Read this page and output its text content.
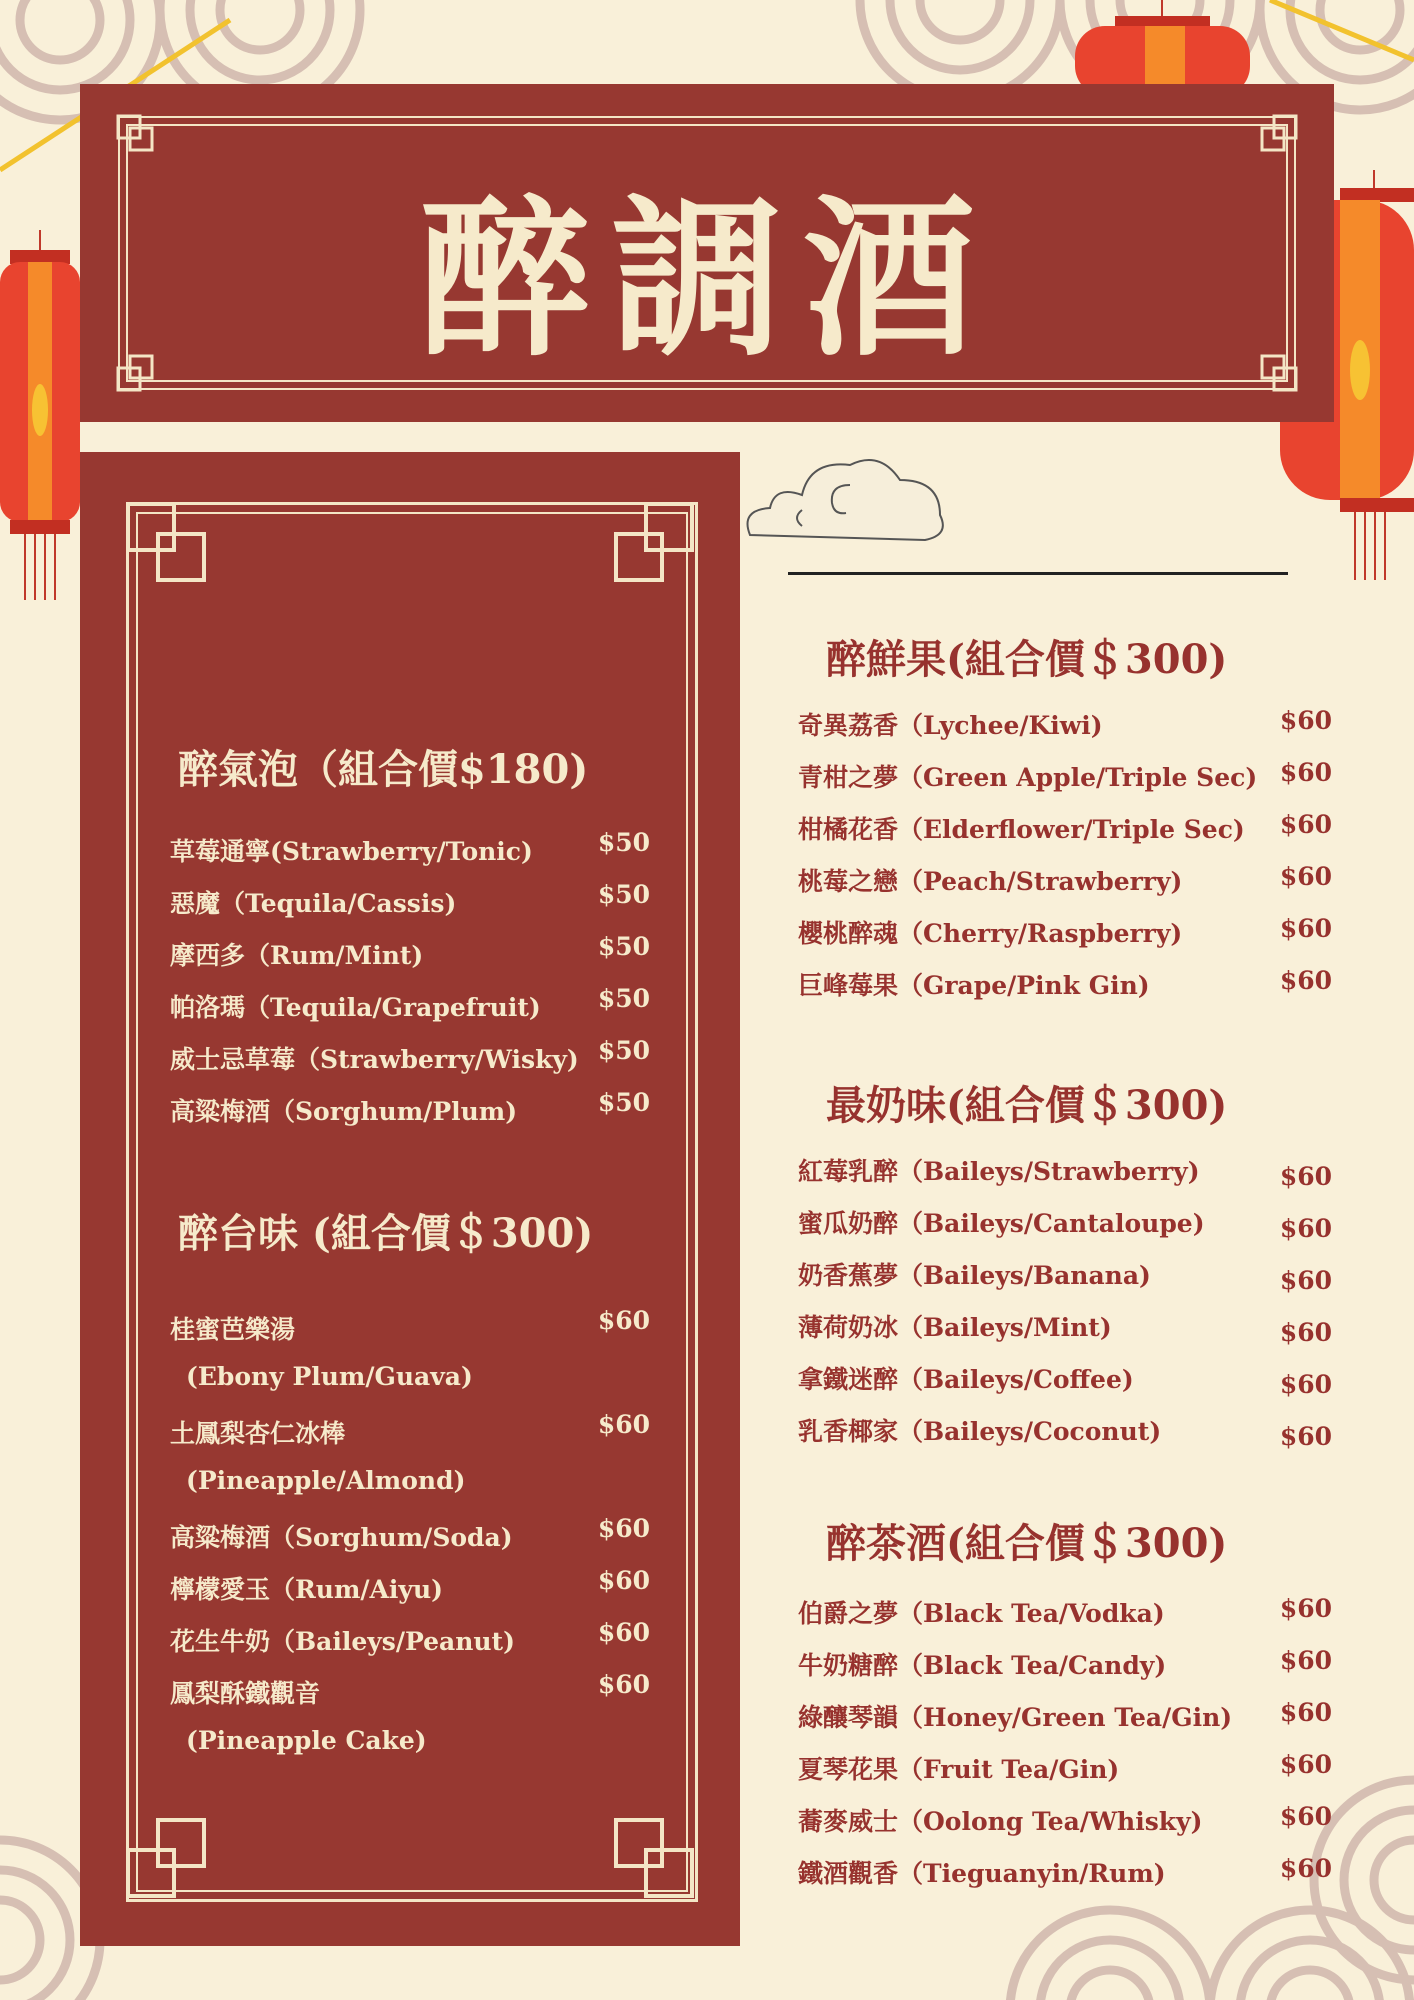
醉調酒
醉氣泡（組合價$180)
草莓通寧(Strawberry/Tonic)	$50
惡魔（Tequila/Cassis)	$50
摩西多（Rum/Mint)	$50
帕洛瑪（Tequila/Grapefruit) $50
威士忌草莓（Strawberry/Wisky) $50
高粱梅酒（Sorghum/Plum)	$50
醉台味 (組合價＄300)
桂蜜芭樂湯	$60
(Ebony Plum/Guava)
土鳳梨杏仁冰棒	$60
(Pineapple/Almond)
高粱梅酒（Sorghum/Soda)	$60
檸檬愛玉（Rum/Aiyu)	$60
花生牛奶（Baileys/Peanut)	$60
鳳梨酥鐵觀音	$60
(Pineapple Cake)
醉鮮果(組合價＄300)
奇異荔香（Lychee/Kiwi)	$60
青柑之夢（Green Apple/Triple Sec) $60
柑橘花香（Elderflower/Triple Sec) $60
桃莓之戀（Peach/Strawberry)	$60
櫻桃醉魂（Cherry/Raspberry)	$60
巨峰莓果（Grape/Pink Gin)	$60
最奶味(組合價＄300)
紅莓乳醉（Baileys/Strawberry)	$60
蜜瓜奶醉（Baileys/Cantaloupe)	$60
奶香蕉夢（Baileys/Banana)	$60
薄荷奶冰（Baileys/Mint)	$60
拿鐵迷醉（Baileys/Coffee)	$60
乳香椰家（Baileys/Coconut)	$60
醉茶酒(組合價＄300)
伯爵之夢（Black Tea/Vodka)	$60
牛奶糖醉（Black Tea/Candy)	$60
綠釀琴韻（Honey/Green Tea/Gin) $60
夏琴花果（Fruit Tea/Gin)	$60
蕎麥威士（Oolong Tea/Whisky)	$60
鐵酒觀香（Tieguanyin/Rum)	$60
